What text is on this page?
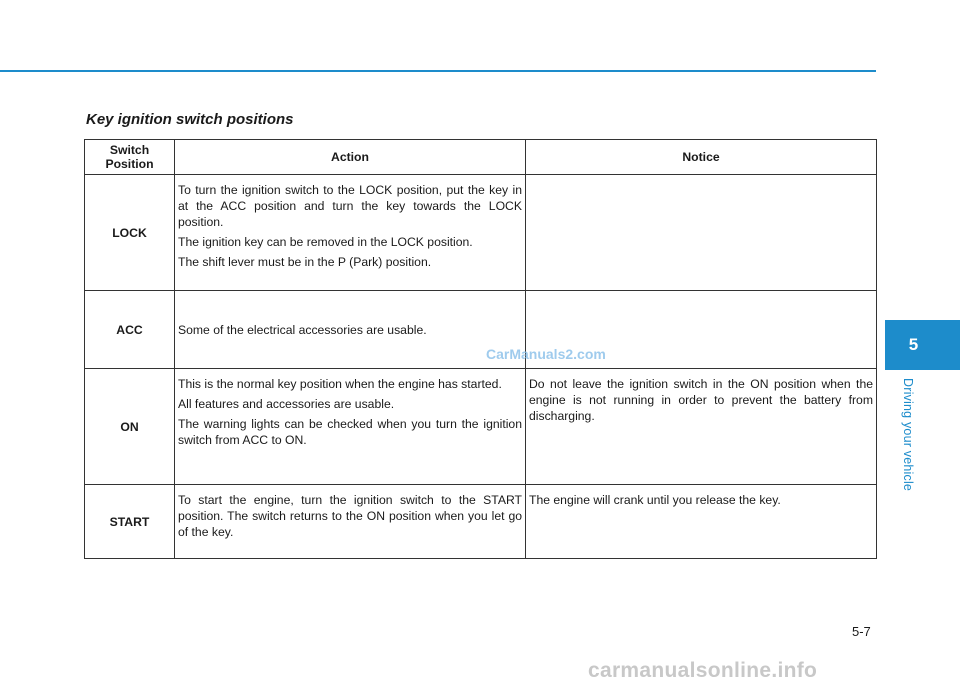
Key ignition switch positions
Switch Position	Action	Notice
LOCK	To turn the ignition switch to the LOCK position, put the key in at the ACC position and turn the key towards the LOCK position.

The ignition key can be removed in the LOCK position.

The shift lever must be in the P (Park) position.	

ACC	Some of the electrical accessories are usable.	

ON	This is the normal key position when the engine has started.

All features and accessories are usable.

The warning lights can be checked when you turn the ignition switch from ACC to ON.	Do not leave the ignition switch in the ON position when the engine is not running in order to prevent the battery from discharging.
START	To start the engine, turn the ignition switch to the START position. The switch returns to the ON position when you let go of the key.	The engine will crank until you release the key.
CarManuals2.com	5
Driving your vehicle
5-7
carmanualsonline.info
